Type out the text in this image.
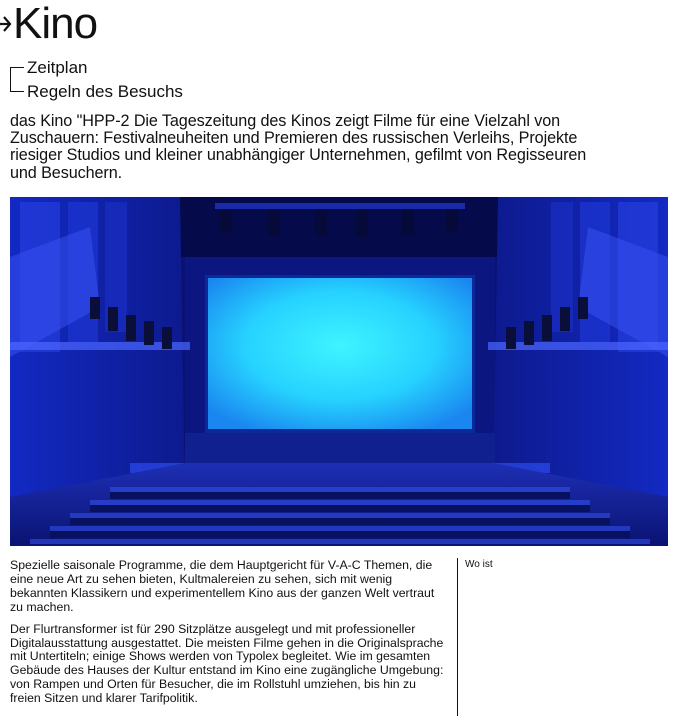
Kino
Zeitplan
Regeln des Besuchs

das Kino "HPP-2 Die Tageszeitung des Kinos zeigt Filme für eine Vielzahl von Zuschauern: Festivalneuheiten und Premieren des russischen Verleihs, Projekte riesiger Studios und kleiner unabhängiger Unternehmen, gefilmt von Regisseuren und Besuchern.

Spezielle saisonale Programme, die dem Hauptgericht für V-A-C Themen, die eine neue Art zu sehen bieten, Kultmalereien zu sehen, sich mit wenig bekannten Klassikern und experimentellem Kino aus der ganzen Welt vertraut zu machen.

Der Flurtransformer ist für 290 Sitzplätze ausgelegt und mit professioneller Digitalausstattung ausgestattet. Die meisten Filme gehen in die Originalsprache mit Untertiteln; einige Shows werden von Typolex begleitet. Wie im gesamten Gebäude des Hauses der Kultur entstand im Kino eine zugängliche Umgebung: von Rampen und Orten für Besucher, die im Rollstuhl umziehen, bis hin zu freien Sitzen und klarer Tarifpolitik.

Wo ist
